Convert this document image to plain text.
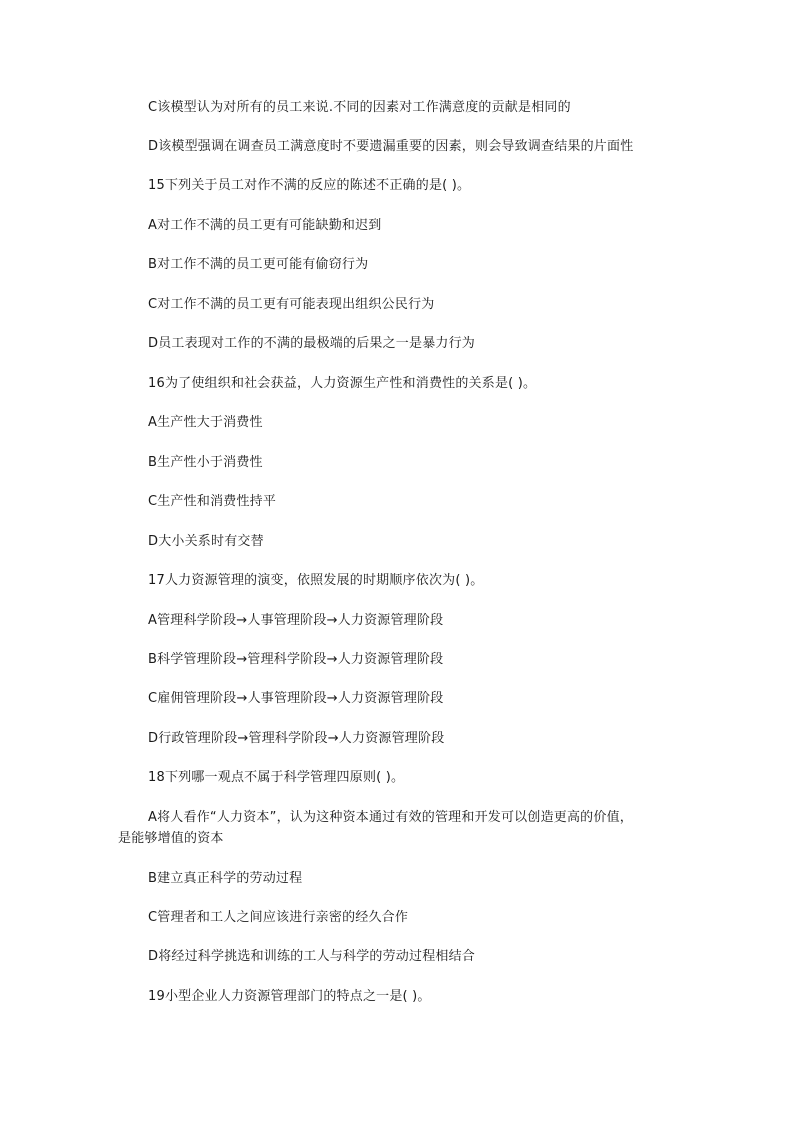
C该模型认为对所有的员工来说.不同的因素对工作满意度的贡献是相同的
D该模型强调在调查员工满意度时不要遗漏重要的因素，则会导致调查结果的片面性
15下列关于员工对作不满的反应的陈述不正确的是( )。
A对工作不满的员工更有可能缺勤和迟到
B对工作不满的员工更可能有偷窃行为
C对工作不满的员工更有可能表现出组织公民行为
D员工表现对工作的不满的最极端的后果之一是暴力行为
16为了使组织和社会获益，人力资源生产性和消费性的关系是( )。
A生产性大于消费性
B生产性小于消费性
C生产性和消费性持平
D大小关系时有交替
17人力资源管理的演变，依照发展的时期顺序依次为( )。
A管理科学阶段→人事管理阶段→人力资源管理阶段
B科学管理阶段→管理科学阶段→人力资源管理阶段
C雇佣管理阶段→人事管理阶段→人力资源管理阶段
D行政管理阶段→管理科学阶段→人力资源管理阶段
18下列哪一观点不属于科学管理四原则( )。
A将人看作“人力资本”，认为这种资本通过有效的管理和开发可以创造更高的价值，
是能够增值的资本
B建立真正科学的劳动过程
C管理者和工人之间应该进行亲密的经久合作
D将经过科学挑选和训练的工人与科学的劳动过程相结合
19小型企业人力资源管理部门的特点之一是( )。
